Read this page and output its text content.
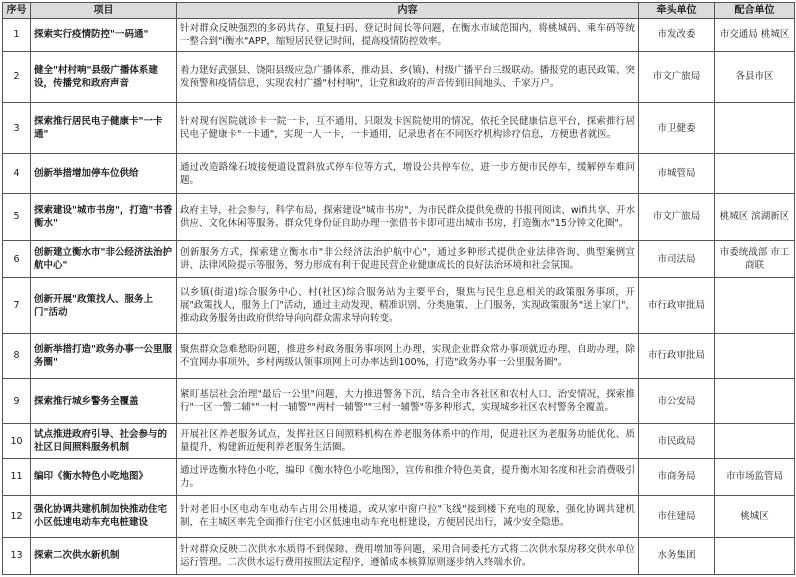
序号	项目	内容	牵头单位	配合单位
1	探索实行疫情防控"一码通"	针对群众反映强烈的多码共存、重复扫码、登记时间长等问题，在衡水市域范围内，将桃城码、乘车码等统一整合到"i衡水"APP，缩短居民登记时间，提高疫情防控效率。	市发改委	市交通局 桃城区
2	健全"村村响"县级广播体系建设，传播党和政府声音	着力建好武强县、饶阳县级应急广播体系，推动县、乡(镇)、村级广播平台三级联动。播报党的惠民政策、突发预警和疫情信息，实现农村广播"村村响"，让党和政府的声音传到田间地头、千家万户。	市文广旅局	各县市区
3	探索推行居民电子健康卡"一卡通"	针对现有医院就诊卡一院一卡，互不通用，只限发卡医院使用的情况，依托全民健康信息平台，探索推行居民电子健康卡"一卡通"，实现一人一卡，一卡通用，记录患者在不同医疗机构诊疗信息，方便患者就医。	市卫健委	
4	创新举措增加停车位供给	通过改造路缘石坡接便道设置斜放式停车位等方式，增设公共停车位，进一步方便市民停车，缓解停车难问题。	市城管局	
5	探索建设"城市书房"，打造"书香衡水"	政府主导，社会参与，科学布局，探索建设"城市书房"，为市民群众提供免费的书报刊阅读、wifi共享、开水供应、文化休闲等服务。群众凭身份证自助办理一张借书卡即可进出城市书房，打造衡水"15分钟文化圈"。	市文广旅局	桃城区 滨湖新区
6	创新建立衡水市"非公经济法治护航中心"	创新服务方式，探索建立衡水市"非公经济法治护航中心"，通过多种形式提供企业法律咨询、典型案例宣讲、法律风险提示等服务，努力形成有利于促进民营企业健康成长的良好法治环境和社会氛围。	市司法局	市委统战部 市工商联
7	创新开展"政策找人、服务上门"活动	以乡镇(街道)综合服务中心、村(社区)综合服务站为主要平台，聚焦与民生息息相关的政策服务事项，开展"政策找人，服务上门"活动，通过主动发现、精准识别、分类施策、上门服务，实现政策服务"送上家门"，推动政务服务由政府供给导向向群众需求导向转变。	市行政审批局	
8	创新举措打造"政务办事一公里服务圈"	聚焦群众急难愁盼问题，推进乡村政务服务事项网上办理，实现企业群众常办事项就近办理、自助办理，除不宜网办事项外，乡村两级认领事项网上可办率达到100%，打造"政务办事一公里服务圈"。	市行政审批局	
9	探索推行城乡警务全覆盖	紧盯基层社会治理"最后一公里"问题，大力推进警务下沉，结合全市各社区和农村人口、治安情况，探索推行"一区一警二辅""一村一辅警""两村一辅警""三村一辅警"等多种形式，实现城乡社区农村警务全覆盖。	市公安局	
10	试点推进政府引导、社会参与的社区日间照料服务机制	开展社区养老服务试点，发挥社区日间照料机构在养老服务体系中的作用，促进社区为老服务功能优化、质量提升，构建新近便利养老服务生活圈。	市民政局	
11	编印《衡水特色小吃地图》	通过评选衡水特色小吃，编印《衡水特色小吃地图》，宣传和推介特色美食，提升衡水知名度和社会消费吸引力。	市商务局	市市场监管局
12	强化协调共建机制加快推动住宅小区低速电动车充电桩建设	针对老旧小区电动车电动车占用公用楼道，或从家中窗户拉"飞线"接到楼下充电的现象，强化协调共建机制，在主城区率先全面推行住宅小区低速电动车充电桩建设，方便居民出行，减少安全隐患。	市住建局	桃城区
13	探索二次供水新机制	针对群众反映二次供水水质得不到保障、费用增加等问题，采用合同委托方式将二次供水泵房移交供水单位运行管理。二次供水运行费用按照法定程序，遵循成本核算原则逐步纳入终端水价。	水务集团	
